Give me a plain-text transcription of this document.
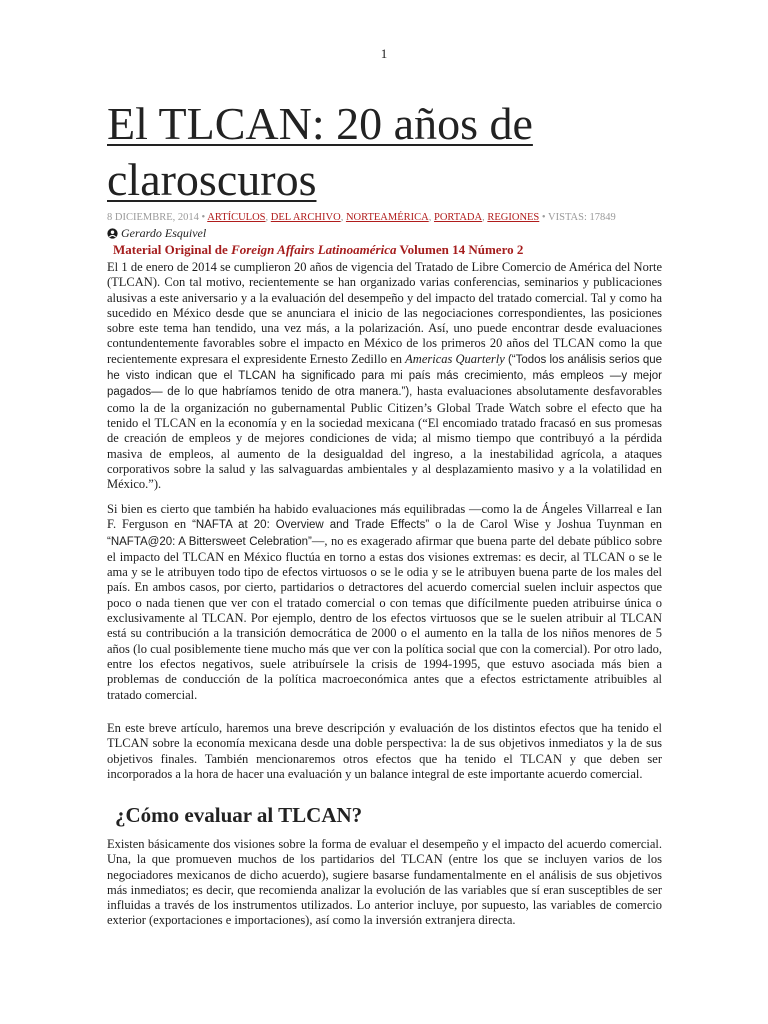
1
El TLCAN: 20 años de claroscuros
8 DICIEMBRE, 2014 • ARTÍCULOS, DEL ARCHIVO, NORTEAMÉRICA, PORTADA, REGIONES • VISTAS: 17849
Gerardo Esquivel
Material Original de Foreign Affairs Latinoamérica Volumen 14 Número 2

El 1 de enero de 2014 se cumplieron 20 años de vigencia del Tratado de Libre Comercio de América del Norte (TLCAN). Con tal motivo, recientemente se han organizado varias conferencias, seminarios y publicaciones alusivas a este aniversario y a la evaluación del desempeño y del impacto del tratado comercial. Tal y como ha sucedido en México desde que se anunciara el inicio de las negociaciones correspondientes, las posiciones sobre este tema han tendido, una vez más, a la polarización. Así, uno puede encontrar desde evaluaciones contundentemente favorables sobre el impacto en México de los primeros 20 años del TLCAN como la que recientemente expresara el expresidente Ernesto Zedillo en Americas Quarterly (“Todos los análisis serios que he visto indican que el TLCAN ha significado para mi país más crecimiento, más empleos —y mejor pagados— de lo que habríamos tenido de otra manera.”), hasta evaluaciones absolutamente desfavorables como la de la organización no gubernamental Public Citizen’s Global Trade Watch sobre el efecto que ha tenido el TLCAN en la economía y en la sociedad mexicana (“El encomiado tratado fracasó en sus promesas de creación de empleos y de mejores condiciones de vida; al mismo tiempo que contribuyó a la pérdida masiva de empleos, al aumento de la desigualdad del ingreso, a la inestabilidad agrícola, a ataques corporativos sobre la salud y las salvaguardas ambientales y al desplazamiento masivo y a la volatilidad en México.”).

Si bien es cierto que también ha habido evaluaciones más equilibradas —como la de Ángeles Villarreal e Ian F. Ferguson en “NAFTA at 20: Overview and Trade Effects” o la de Carol Wise y Joshua Tuynman en “NAFTA@20: A Bittersweet Celebration”—, no es exagerado afirmar que buena parte del debate público sobre el impacto del TLCAN en México fluctúa en torno a estas dos visiones extremas: es decir, al TLCAN o se le ama y se le atribuyen todo tipo de efectos virtuosos o se le odia y se le atribuyen buena parte de los males del país. En ambos casos, por cierto, partidarios o detractores del acuerdo comercial suelen incluir aspectos que poco o nada tienen que ver con el tratado comercial o con temas que difícilmente pueden atribuirse única o exclusivamente al TLCAN. Por ejemplo, dentro de los efectos virtuosos que se le suelen atribuir al TLCAN está su contribución a la transición democrática de 2000 o el aumento en la talla de los niños menores de 5 años (lo cual posiblemente tiene mucho más que ver con la política social que con la comercial). Por otro lado, entre los efectos negativos, suele atribuírsele la crisis de 1994-1995, que estuvo asociada más bien a problemas de conducción de la política macroeconómica antes que a efectos estrictamente atribuibles al tratado comercial.

En este breve artículo, haremos una breve descripción y evaluación de los distintos efectos que ha tenido el TLCAN sobre la economía mexicana desde una doble perspectiva: la de sus objetivos inmediatos y la de sus objetivos finales. También mencionaremos otros efectos que ha tenido el TLCAN y que deben ser incorporados a la hora de hacer una evaluación y un balance integral de este importante acuerdo comercial.

¿Cómo evaluar al TLCAN?

Existen básicamente dos visiones sobre la forma de evaluar el desempeño y el impacto del acuerdo comercial. Una, la que promueven muchos de los partidarios del TLCAN (entre los que se incluyen varios de los negociadores mexicanos de dicho acuerdo), sugiere basarse fundamentalmente en el análisis de sus objetivos más inmediatos; es decir, que recomienda analizar la evolución de las variables que sí eran susceptibles de ser influidas a través de los instrumentos utilizados. Lo anterior incluye, por supuesto, las variables de comercio exterior (exportaciones e importaciones), así como la inversión extranjera directa.
